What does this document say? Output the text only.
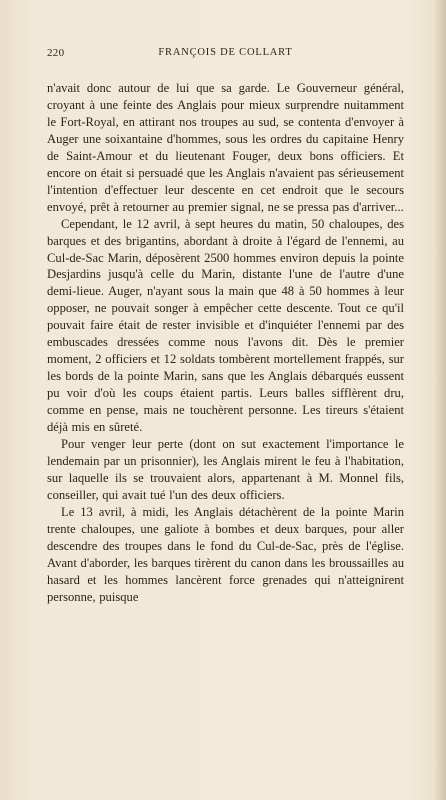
220	FRANÇOIS DE COLLART

n'avait donc autour de lui que sa garde. Le Gouverneur général, croyant à une feinte des Anglais pour mieux surprendre nuitamment le Fort-Royal, en attirant nos troupes au sud, se contenta d'envoyer à Auger une soixantaine d'hommes, sous les ordres du capitaine Henry de Saint-Amour et du lieutenant Fouger, deux bons officiers. Et encore on était si persuadé que les Anglais n'avaient pas sérieusement l'intention d'effectuer leur descente en cet endroit que le secours envoyé, prêt à retourner au premier signal, ne se pressa pas d'arriver...

Cependant, le 12 avril, à sept heures du matin, 50 chaloupes, des barques et des brigantins, abordant à droite à l'égard de l'ennemi, au Cul-de-Sac Marin, déposèrent 2500 hommes environ depuis la pointe Desjardins jusqu'à celle du Marin, distante l'une de l'autre d'une demi-lieue. Auger, n'ayant sous la main que 48 à 50 hommes à leur opposer, ne pouvait songer à empêcher cette descente. Tout ce qu'il pouvait faire était de rester invisible et d'inquiéter l'ennemi par des embuscades dressées comme nous l'avons dit. Dès le premier moment, 2 officiers et 12 soldats tombèrent mortellement frappés, sur les bords de la pointe Marin, sans que les Anglais débarqués eussent pu voir d'où les coups étaient partis. Leurs balles sifflèrent dru, comme en pense, mais ne touchèrent personne. Les tireurs s'étaient déjà mis en sûreté.

Pour venger leur perte (dont on sut exactement l'importance le lendemain par un prisonnier), les Anglais mirent le feu à l'habitation, sur laquelle ils se trouvaient alors, appartenant à M. Monnel fils, conseiller, qui avait tué l'un des deux officiers.

Le 13 avril, à midi, les Anglais détachèrent de la pointe Marin trente chaloupes, une galiote à bombes et deux barques, pour aller descendre des troupes dans le fond du Cul-de-Sac, près de l'église. Avant d'aborder, les barques tirèrent du canon dans les broussailles au hasard et les hommes lancèrent force grenades qui n'atteignirent personne, puisque
